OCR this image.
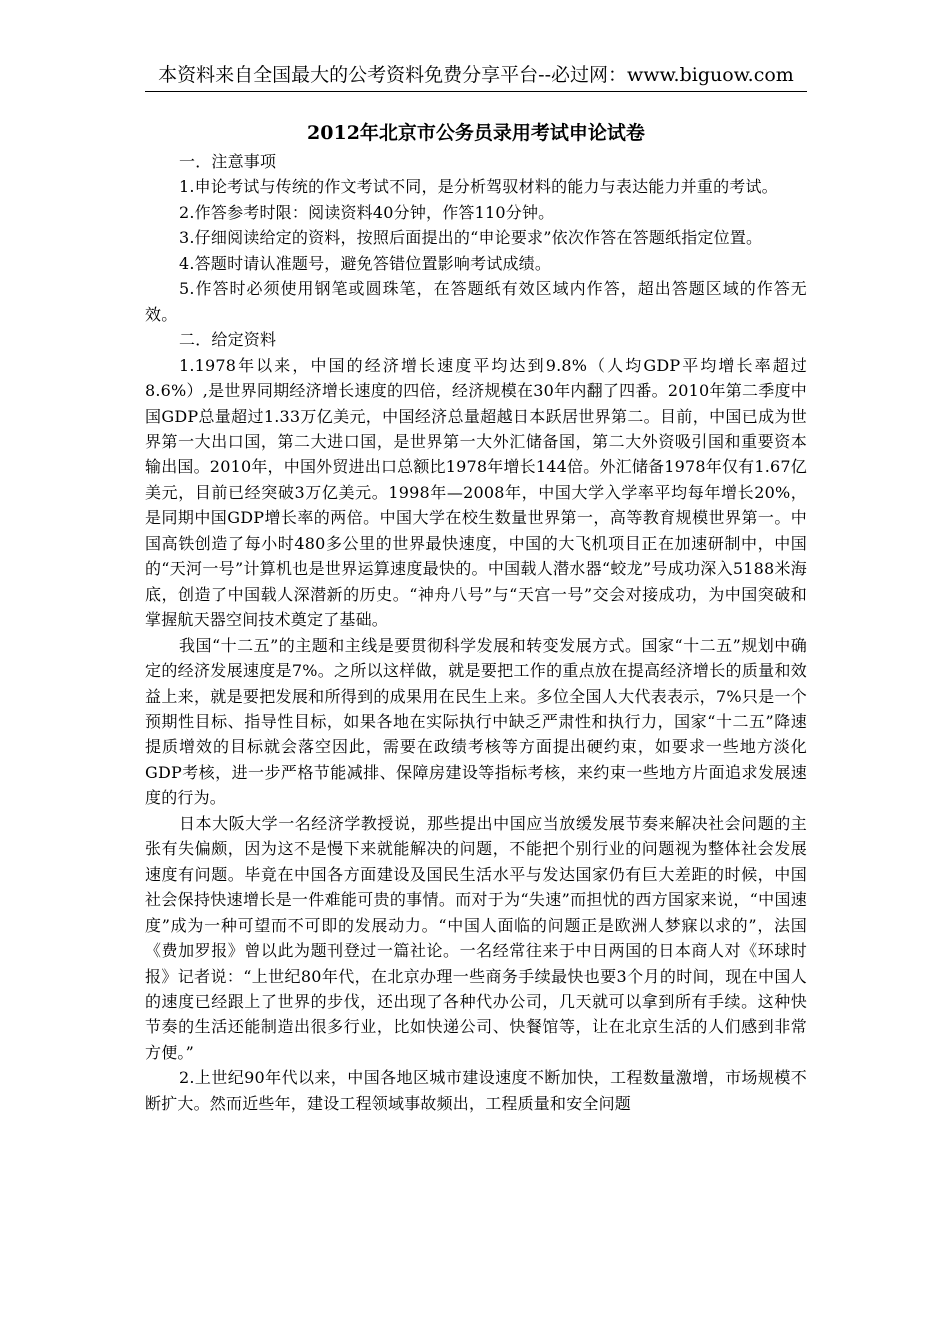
本资料来自全国最大的公考资料免费分享平台--必过网：www.biguow.com
2012年北京市公务员录用考试申论试卷

一．注意事项

1.申论考试与传统的作文考试不同，是分析驾驭材料的能力与表达能力并重的考试。

2.作答参考时限：阅读资料40分钟，作答110分钟。

3.仔细阅读给定的资料，按照后面提出的“申论要求”依次作答在答题纸指定位置。

4.答题时请认准题号，避免答错位置影响考试成绩。

5.作答时必须使用钢笔或圆珠笔，在答题纸有效区域内作答，超出答题区域的作答无效。

二．给定资料

1.1978年以来，中国的经济增长速度平均达到9.8%（人均GDP平均增长率超过8.6%）,是世界同期经济增长速度的四倍，经济规模在30年内翻了四番。2010年第二季度中国GDP总量超过1.33万亿美元，中国经济总量超越日本跃居世界第二。目前，中国已成为世界第一大出口国，第二大进口国，是世界第一大外汇储备国，第二大外资吸引国和重要资本输出国。2010年，中国外贸进出口总额比1978年增长144倍。外汇储备1978年仅有1.67亿美元，目前已经突破3万亿美元。1998年—2008年，中国大学入学率平均每年增长20%，是同期中国GDP增长率的两倍。中国大学在校生数量世界第一，高等教育规模世界第一。中国高铁创造了每小时480多公里的世界最快速度，中国的大飞机项目正在加速研制中，中国的“天河一号”计算机也是世界运算速度最快的。中国载人潜水器“蛟龙”号成功深入5188米海底，创造了中国载人深潜新的历史。“神舟八号”与“天宫一号”交会对接成功，为中国突破和掌握航天器空间技术奠定了基础。

我国“十二五”的主题和主线是要贯彻科学发展和转变发展方式。国家“十二五”规划中确定的经济发展速度是7%。之所以这样做，就是要把工作的重点放在提高经济增长的质量和效益上来，就是要把发展和所得到的成果用在民生上来。多位全国人大代表表示，7%只是一个预期性目标、指导性目标，如果各地在实际执行中缺乏严肃性和执行力，国家“十二五”降速提质增效的目标就会落空因此，需要在政绩考核等方面提出硬约束，如要求一些地方淡化GDP考核，进一步严格节能减排、保障房建设等指标考核，来约束一些地方片面追求发展速度的行为。

日本大阪大学一名经济学教授说，那些提出中国应当放缓发展节奏来解决社会问题的主张有失偏颇，因为这不是慢下来就能解决的问题，不能把个别行业的问题视为整体社会发展速度有问题。毕竟在中国各方面建设及国民生活水平与发达国家仍有巨大差距的时候，中国社会保持快速增长是一件难能可贵的事情。而对于为“失速”而担忧的西方国家来说，“中国速度”成为一种可望而不可即的发展动力。“中国人面临的问题正是欧洲人梦寐以求的”，法国《费加罗报》曾以此为题刊登过一篇社论。一名经常往来于中日两国的日本商人对《环球时报》记者说：“上世纪80年代，在北京办理一些商务手续最快也要3个月的时间，现在中国人的速度已经跟上了世界的步伐，还出现了各种代办公司，几天就可以拿到所有手续。这种快节奏的生活还能制造出很多行业，比如快递公司、快餐馆等，让在北京生活的人们感到非常方便。”

2.上世纪90年代以来，中国各地区城市建设速度不断加快，工程数量激增，市场规模不断扩大。然而近些年，建设工程领域事故频出，工程质量和安全问题
